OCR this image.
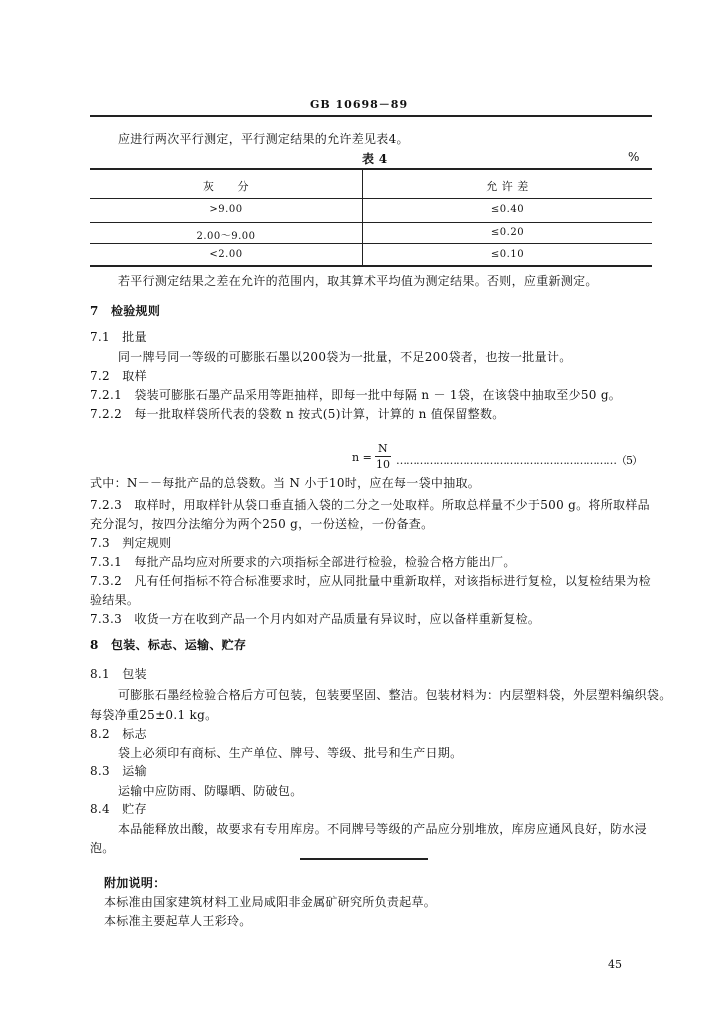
GB 10698－89
应进行两次平行测定，平行测定结果的允许差见表4。
表 4	%
灰　　分	允 许 差
>9.00	≤0.40
2.00～9.00	≤0.20
<2.00	≤0.10
若平行测定结果之差在允许的范围内，取其算术平均值为测定结果。否则，应重新测定。
7　检验规则
7.1　批量
同一牌号同一等级的可膨胀石墨以200袋为一批量，不足200袋者，也按一批量计。
7.2　取样
7.2.1　袋装可膨胀石墨产品采用等距抽样，即每一批中每隔 n － 1袋，在该袋中抽取至少50 g。
7.2.2　每一批取样袋所代表的袋数 n 按式(5)计算，计算的 n 值保留整数。
n =
N
10 …………………………………………………………（5）
式中：N－－每批产品的总袋数。当 N 小于10时，应在每一袋中抽取。
7.2.3　取样时，用取样针从袋口垂直插入袋的二分之一处取样。所取总样量不少于500 g。将所取样品
充分混匀，按四分法缩分为两个250 g，一份送检，一份备查。
7.3　判定规则
7.3.1　每批产品均应对所要求的六项指标全部进行检验，检验合格方能出厂。
7.3.2　凡有任何指标不符合标准要求时，应从同批量中重新取样，对该指标进行复检，以复检结果为检
验结果。
7.3.3　收货一方在收到产品一个月内如对产品质量有异议时，应以备样重新复检。
8　包装、标志、运输、贮存
8.1　包装
可膨胀石墨经检验合格后方可包装，包装要坚固、整洁。包装材料为：内层塑料袋，外层塑料编织袋。
每袋净重25±0.1 kg。
8.2　标志
袋上必须印有商标、生产单位、牌号、等级、批号和生产日期。
8.3　运输
运输中应防雨、防曝晒、防破包。
8.4　贮存
本品能释放出酸，故要求有专用库房。不同牌号等级的产品应分别堆放，库房应通风良好，防水浸
泡。
附加说明：
本标准由国家建筑材料工业局咸阳非金属矿研究所负责起草。
本标准主要起草人王彩玲。
45
